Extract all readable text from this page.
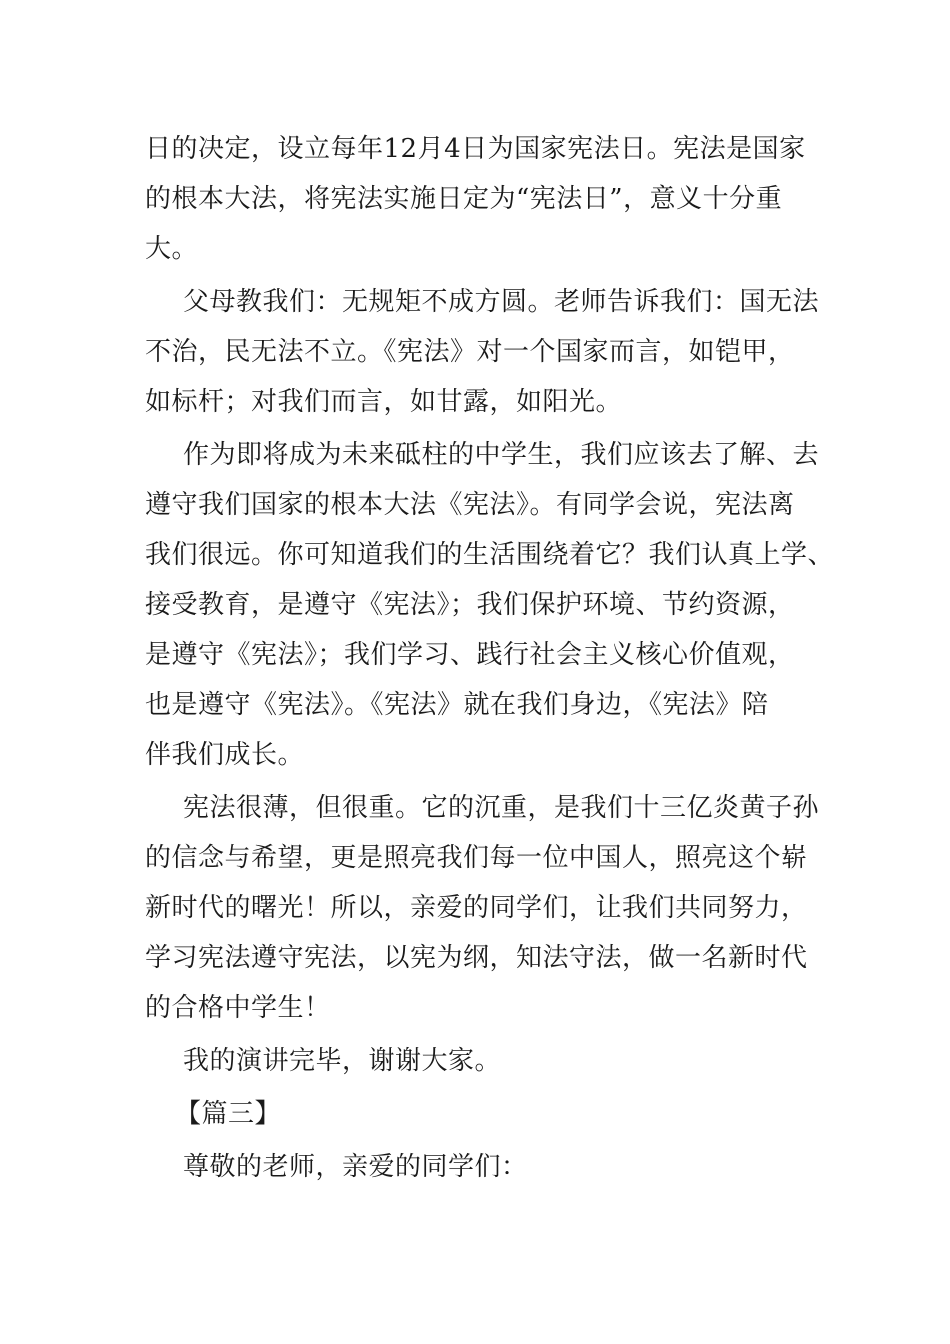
日的决定，设立每年12月4日为国家宪法日。宪法是国家
的根本大法，将宪法实施日定为“宪法日”，意义十分重
大。
父母教我们：无规矩不成方圆。老师告诉我们：国无法
不治，民无法不立。《宪法》对一个国家而言，如铠甲，
如标杆；对我们而言，如甘露，如阳光。
作为即将成为未来砥柱的中学生，我们应该去了解、去
遵守我们国家的根本大法《宪法》。有同学会说，宪法离
我们很远。你可知道我们的生活围绕着它？我们认真上学、
接受教育，是遵守《宪法》；我们保护环境、节约资源，
是遵守《宪法》；我们学习、践行社会主义核心价值观，
也是遵守《宪法》。《宪法》就在我们身边，《宪法》陪
伴我们成长。
宪法很薄，但很重。它的沉重，是我们十三亿炎黄子孙
的信念与希望，更是照亮我们每一位中国人，照亮这个崭
新时代的曙光！所以，亲爱的同学们，让我们共同努力，
学习宪法遵守宪法，以宪为纲，知法守法，做一名新时代
的合格中学生！
我的演讲完毕，谢谢大家。
【篇三】
尊敬的老师，亲爱的同学们：
